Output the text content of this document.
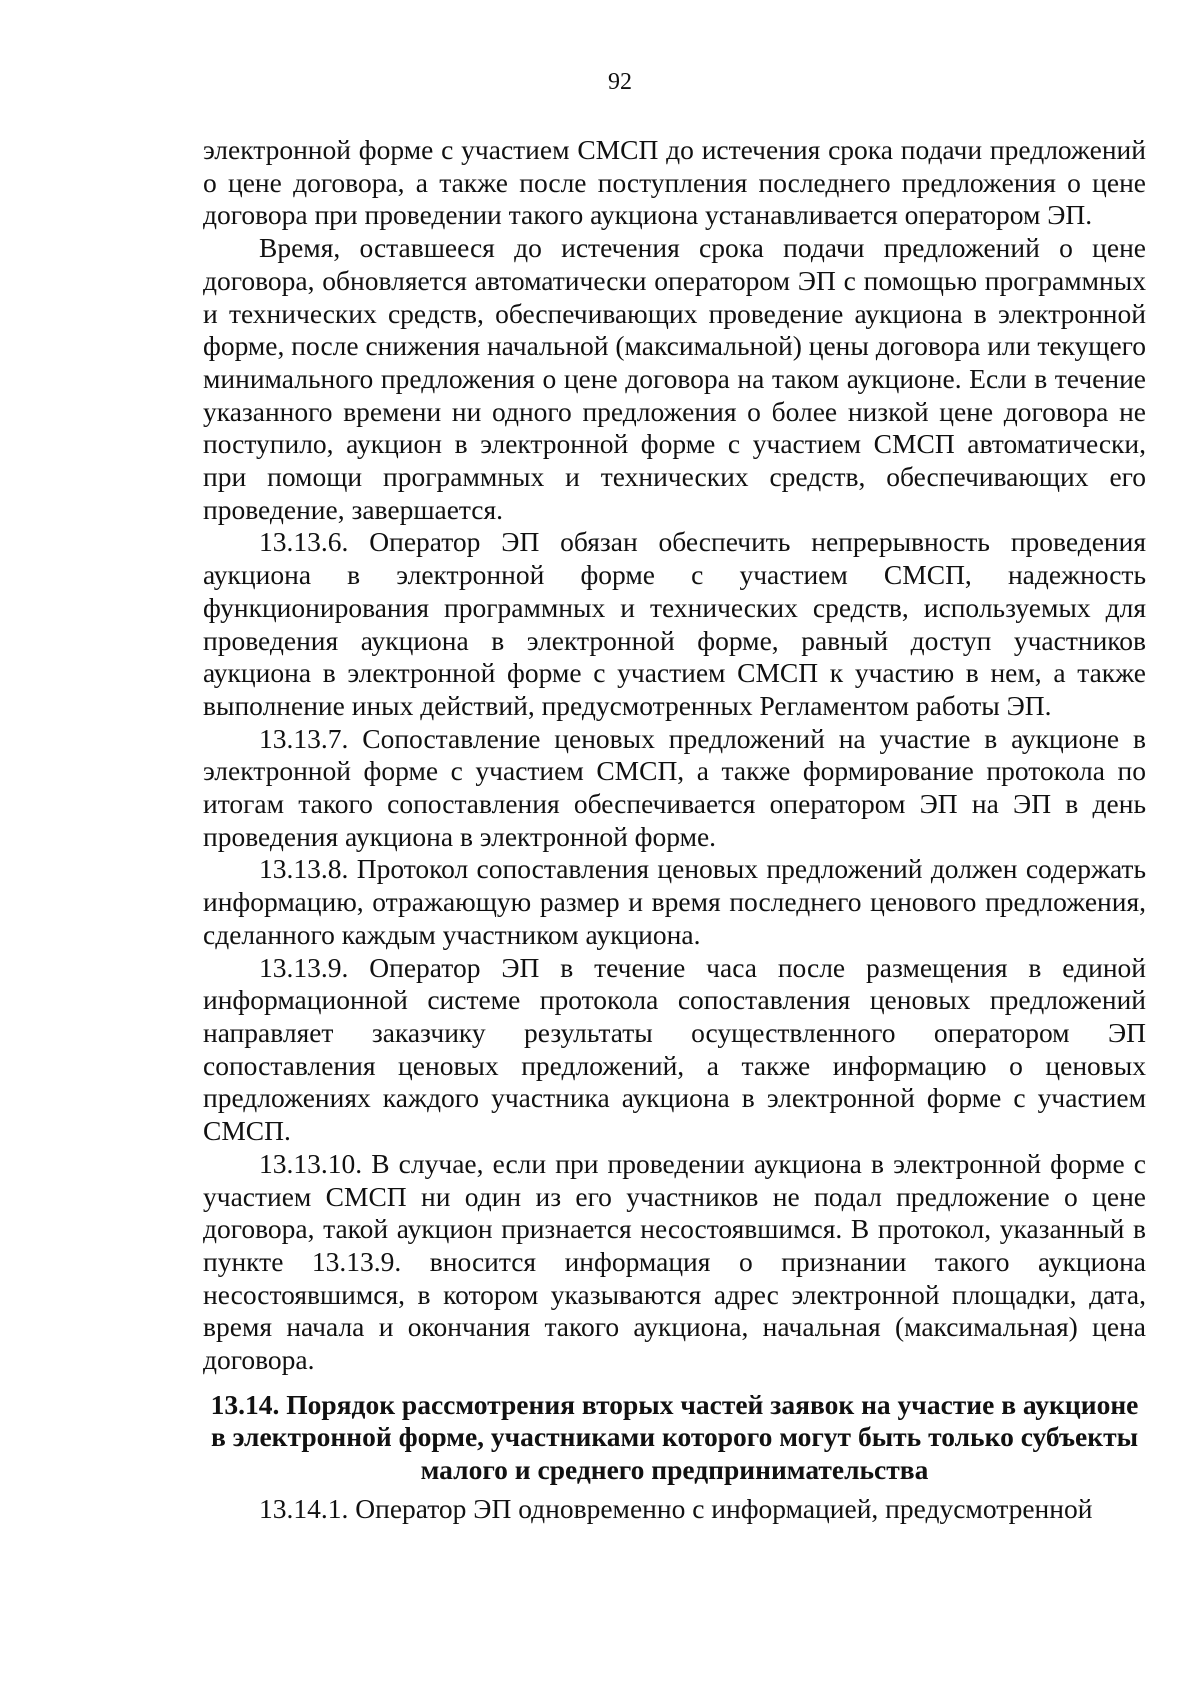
92

электронной форме с участием СМСП до истечения срока подачи предложений о цене договора, а также после поступления последнего предложения о цене договора при проведении такого аукциона устанавливается оператором ЭП.

Время, оставшееся до истечения срока подачи предложений о цене договора, обновляется автоматически оператором ЭП с помощью программных и технических средств, обеспечивающих проведение аукциона в электронной форме, после снижения начальной (максимальной) цены договора или текущего минимального предложения о цене договора на таком аукционе. Если в течение указанного времени ни одного предложения о более низкой цене договора не поступило, аукцион в электронной форме с участием СМСП автоматически, при помощи программных и технических средств, обеспечивающих его проведение, завершается.

13.13.6. Оператор ЭП обязан обеспечить непрерывность проведения аукциона в электронной форме с участием СМСП, надежность функционирования программных и технических средств, используемых для проведения аукциона в электронной форме, равный доступ участников аукциона в электронной форме с участием СМСП к участию в нем, а также выполнение иных действий, предусмотренных Регламентом работы ЭП.

13.13.7. Сопоставление ценовых предложений на участие в аукционе в электронной форме с участием СМСП, а также формирование протокола по итогам такого сопоставления обеспечивается оператором ЭП на ЭП в день проведения аукциона в электронной форме.

13.13.8. Протокол сопоставления ценовых предложений должен содержать информацию, отражающую размер и время последнего ценового предложения, сделанного каждым участником аукциона.

13.13.9. Оператор ЭП в течение часа после размещения в единой информационной системе протокола сопоставления ценовых предложений направляет заказчику результаты осуществленного оператором ЭП сопоставления ценовых предложений, а также информацию о ценовых предложениях каждого участника аукциона в электронной форме с участием СМСП.

13.13.10. В случае, если при проведении аукциона в электронной форме с участием СМСП ни один из его участников не подал предложение о цене договора, такой аукцион признается несостоявшимся. В протокол, указанный в пункте 13.13.9. вносится информация о признании такого аукциона несостоявшимся, в котором указываются адрес электронной площадки, дата, время начала и окончания такого аукциона, начальная (максимальная) цена договора.

13.14. Порядок рассмотрения вторых частей заявок на участие в аукционе в электронной форме, участниками которого могут быть только субъекты малого и среднего предпринимательства

13.14.1. Оператор ЭП одновременно с информацией, предусмотренной
